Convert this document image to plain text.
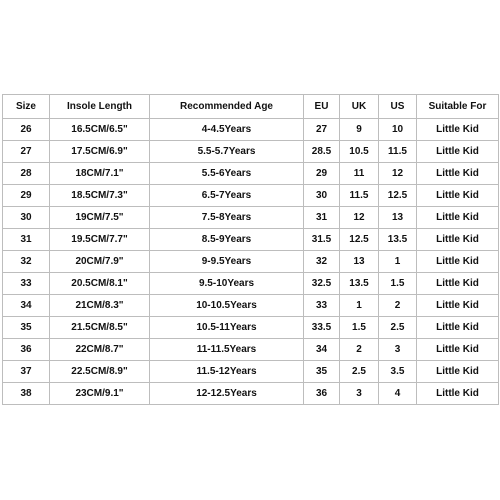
Size	Insole Length	Recommended Age	EU	UK	US	Suitable For
26	16.5CM/6.5"	4-4.5Years	27	9	10	Little Kid
27	17.5CM/6.9"	5.5-5.7Years	28.5	10.5	11.5	Little Kid
28	18CM/7.1"	5.5-6Years	29	11	12	Little Kid
29	18.5CM/7.3"	6.5-7Years	30	11.5	12.5	Little Kid
30	19CM/7.5"	7.5-8Years	31	12	13	Little Kid
31	19.5CM/7.7"	8.5-9Years	31.5	12.5	13.5	Little Kid
32	20CM/7.9"	9-9.5Years	32	13	1	Little Kid
33	20.5CM/8.1"	9.5-10Years	32.5	13.5	1.5	Little Kid
34	21CM/8.3"	10-10.5Years	33	1	2	Little Kid
35	21.5CM/8.5"	10.5-11Years	33.5	1.5	2.5	Little Kid
36	22CM/8.7"	11-11.5Years	34	2	3	Little Kid
37	22.5CM/8.9"	11.5-12Years	35	2.5	3.5	Little Kid
38	23CM/9.1"	12-12.5Years	36	3	4	Little Kid
